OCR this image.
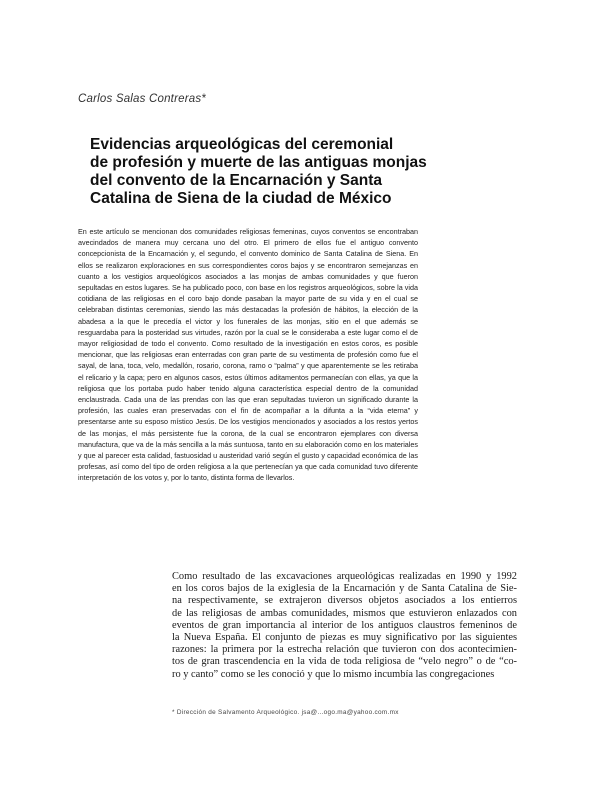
Carlos Salas Contreras*
Evidencias arqueológicas del ceremonial
de profesión y muerte de las antiguas monjas
del convento de la Encarnación y Santa
Catalina de Siena de la ciudad de México
En este artículo se mencionan dos comunidades religiosas femeninas, cuyos conventos se encontraban avecindados de manera muy cercana uno del otro. El primero de ellos fue el antiguo convento concepcionista de la Encarnación y, el segundo, el convento dominico de Santa Catalina de Siena. En ellos se realizaron exploraciones en sus correspondientes coros bajos y se encontraron semejanzas en cuanto a los vestigios arqueológicos asociados a las monjas de ambas comunidades y que fueron sepultadas en estos lugares. Se ha publicado poco, con base en los registros arqueológicos, sobre la vida cotidiana de las religiosas en el coro bajo donde pasaban la mayor parte de su vida y en el cual se celebraban distintas ceremonias, siendo las más destacadas la profesión de hábitos, la elección de la abadesa a la que le precedía el victor y los funerales de las monjas, sitio en el que además se resguardaba para la posteridad sus virtudes, razón por la cual se le consideraba a este lugar como el de mayor religiosidad de todo el convento. Como resultado de la investigación en estos coros, es posible mencionar, que las religiosas eran enterradas con gran parte de su vestimenta de profesión como fue el sayal, de lana, toca, velo, medallón, rosario, corona, ramo o “palma” y que aparentemente se les retiraba el relicario y la capa; pero en algunos casos, estos últimos aditamentos permanecían con ellas, ya que la religiosa que los portaba pudo haber tenido alguna característica especial dentro de la comunidad enclaustrada. Cada una de las prendas con las que eran sepultadas tuvieron un significado durante la profesión, las cuales eran preservadas con el fin de acompañar a la difunta a la “vida eterna” y presentarse ante su esposo místico Jesús. De los vestigios mencionados y asociados a los restos yertos de las monjas, el más persistente fue la corona, de la cual se encontraron ejemplares con diversa manufactura, que va de la más sencilla a la más suntuosa, tanto en su elaboración como en los materiales y que al parecer esta calidad, fastuosidad u austeridad varió según el gusto y capacidad económica de las profesas, así como del tipo de orden religiosa a la que pertenecían ya que cada comunidad tuvo diferente interpretación de los votos y, por lo tanto, distinta forma de llevarlos.
Como resultado de las excavaciones arqueológicas realizadas en 1990 y 1992
en los coros bajos de la exiglesia de la Encarnación y de Santa Catalina de Sie-
na respectivamente, se extrajeron diversos objetos asociados a los entierros
de las religiosas de ambas comunidades, mismos que estuvieron enlazados con
eventos de gran importancia al interior de los antiguos claustros femeninos de
la Nueva España. El conjunto de piezas es muy significativo por las siguientes
razones: la primera por la estrecha relación que tuvieron con dos acontecimien-
tos de gran trascendencia en la vida de toda religiosa de “velo negro” o de “co-
ro y canto” como se les conoció y que lo mismo incumbía las congregaciones
* Dirección de Salvamento Arqueológico. jsa@...ogo.ma@yahoo.com.mx
